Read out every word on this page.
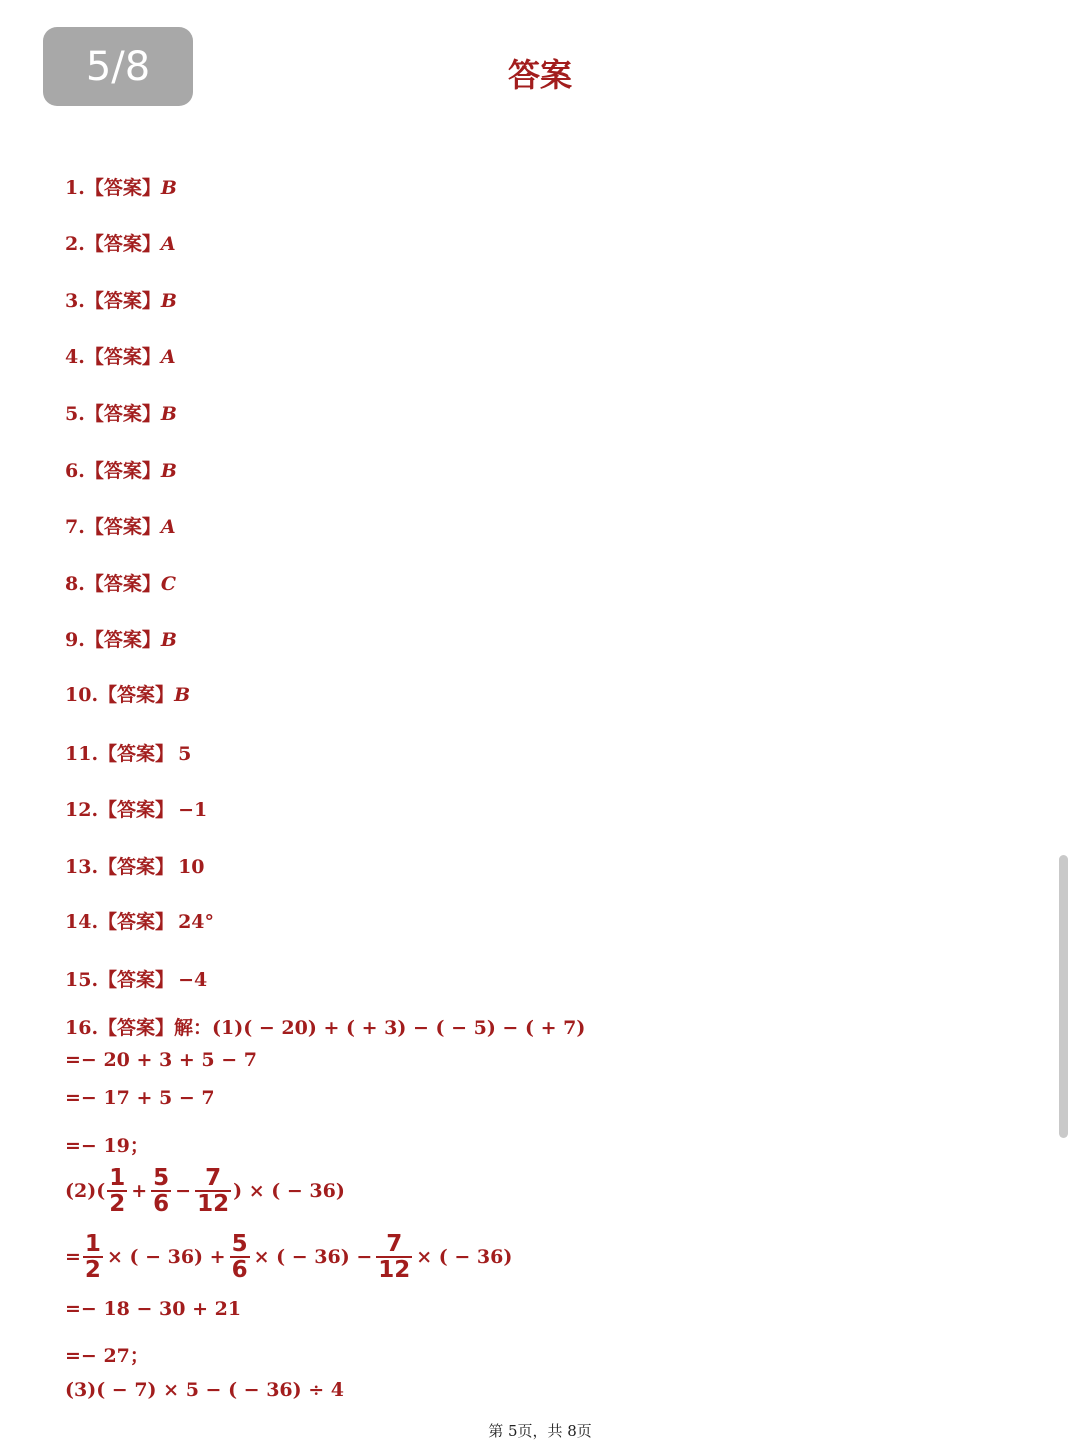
5/8	答案
1.【答案】B
2.【答案】A
3.【答案】B
4.【答案】A
5.【答案】B
6.【答案】B
7.【答案】A
8.【答案】C
9.【答案】B
10.【答案】B
11.【答案】 5
12.【答案】 −1
13.【答案】 10
14.【答案】 24°
15.【答案】 −4
16.【答案】解：(1)( − 20) + ( + 3) − ( − 5) − ( + 7)
=− 20 + 3 + 5 − 7
=− 17 + 5 − 7
=− 19；
$(2)( \frac{1}{2} + \frac{5}{6} - \frac{7}{12}$ ) × ( − 36)
= $\frac{1}{2}$ × ( − $36) + \frac{5}{6}$ × ( − $36) - \frac{7}{12}$ × ( − 36)
=− 18 − 30 + 21
=− 27；
(3)( − 7) × 5 − ( − 36) ÷ 4
第 5页，共 8页
